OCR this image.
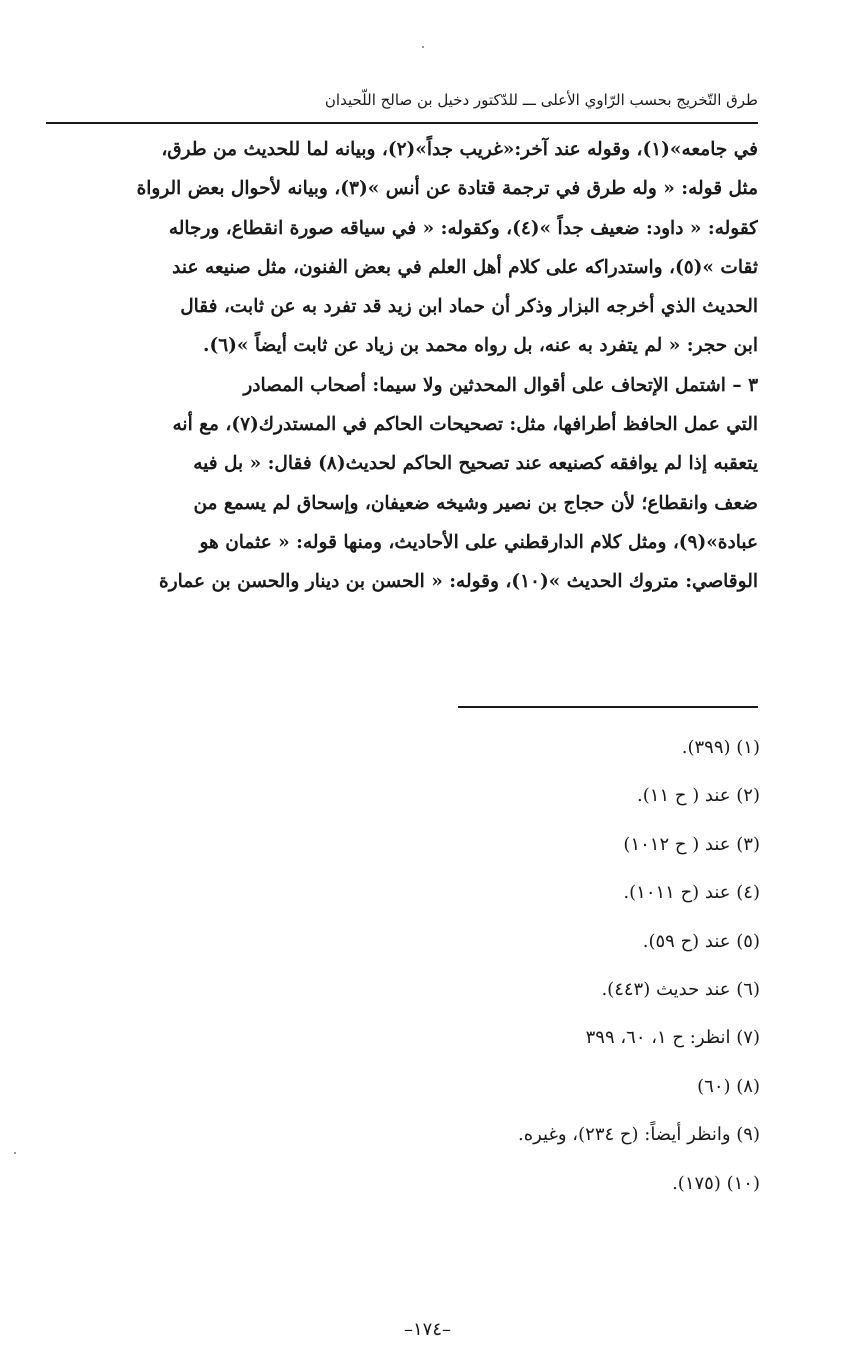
طرق التّخريج بحسب الرّاوي الأعلى ـــ للدّكتور دخيل بن صالح اللّحيدان
في جامعه»(١)، وقوله عند آخر:«غريب جداً»(٢)، وبيانه لما للحديث من طرق،
مثل قوله: « وله طرق في ترجمة قتادة عن أنس »(٣)، وبيانه لأحوال بعض الرواة
كقوله: « داود: ضعيف جداً »(٤)، وكقوله: « في سياقه صورة انقطاع، ورجاله
ثقات »(٥)، واستدراكه على كلام أهل العلم في بعض الفنون، مثل صنيعه عند
الحديث الذي أخرجه البزار وذكر أن حماد ابن زيد قد تفرد به عن ثابت، فقال
ابن حجر: « لم يتفرد به عنه، بل رواه محمد بن زياد عن ثابت أيضاً »(٦).
٣ – اشتمل الإتحاف على أقوال المحدثين ولا سيما: أصحاب المصادر
التي عمل الحافظ أطرافها، مثل: تصحيحات الحاكم في المستدرك(٧)، مع أنه
يتعقبه إذا لم يوافقه كصنيعه عند تصحيح الحاكم لحديث(٨) فقال: « بل فيه
ضعف وانقطاع؛ لأن حجاج بن نصير وشيخه ضعيفان، وإسحاق لم يسمع من
عبادة»(٩)، ومثل كلام الدارقطني على الأحاديث، ومنها قوله: « عثمان هو
الوقاصي: متروك الحديث »(١٠)، وقوله: « الحسن بن دينار والحسن بن عمارة
(١) (٣٩٩).
(٢) عند ( ح ١١).
(٣) عند ( ح ١٠١٢)
(٤) عند (ح ١٠١١).
(٥) عند (ح ٥٩).
(٦) عند حديث (٤٤٣).
(٧) انظر: ح ١، ٦٠، ٣٩٩
(٨) (٦٠)
(٩) وانظر أيضاً: (ح ٢٣٤)، وغيره.
(١٠) (١٧٥).
–١٧٤–
